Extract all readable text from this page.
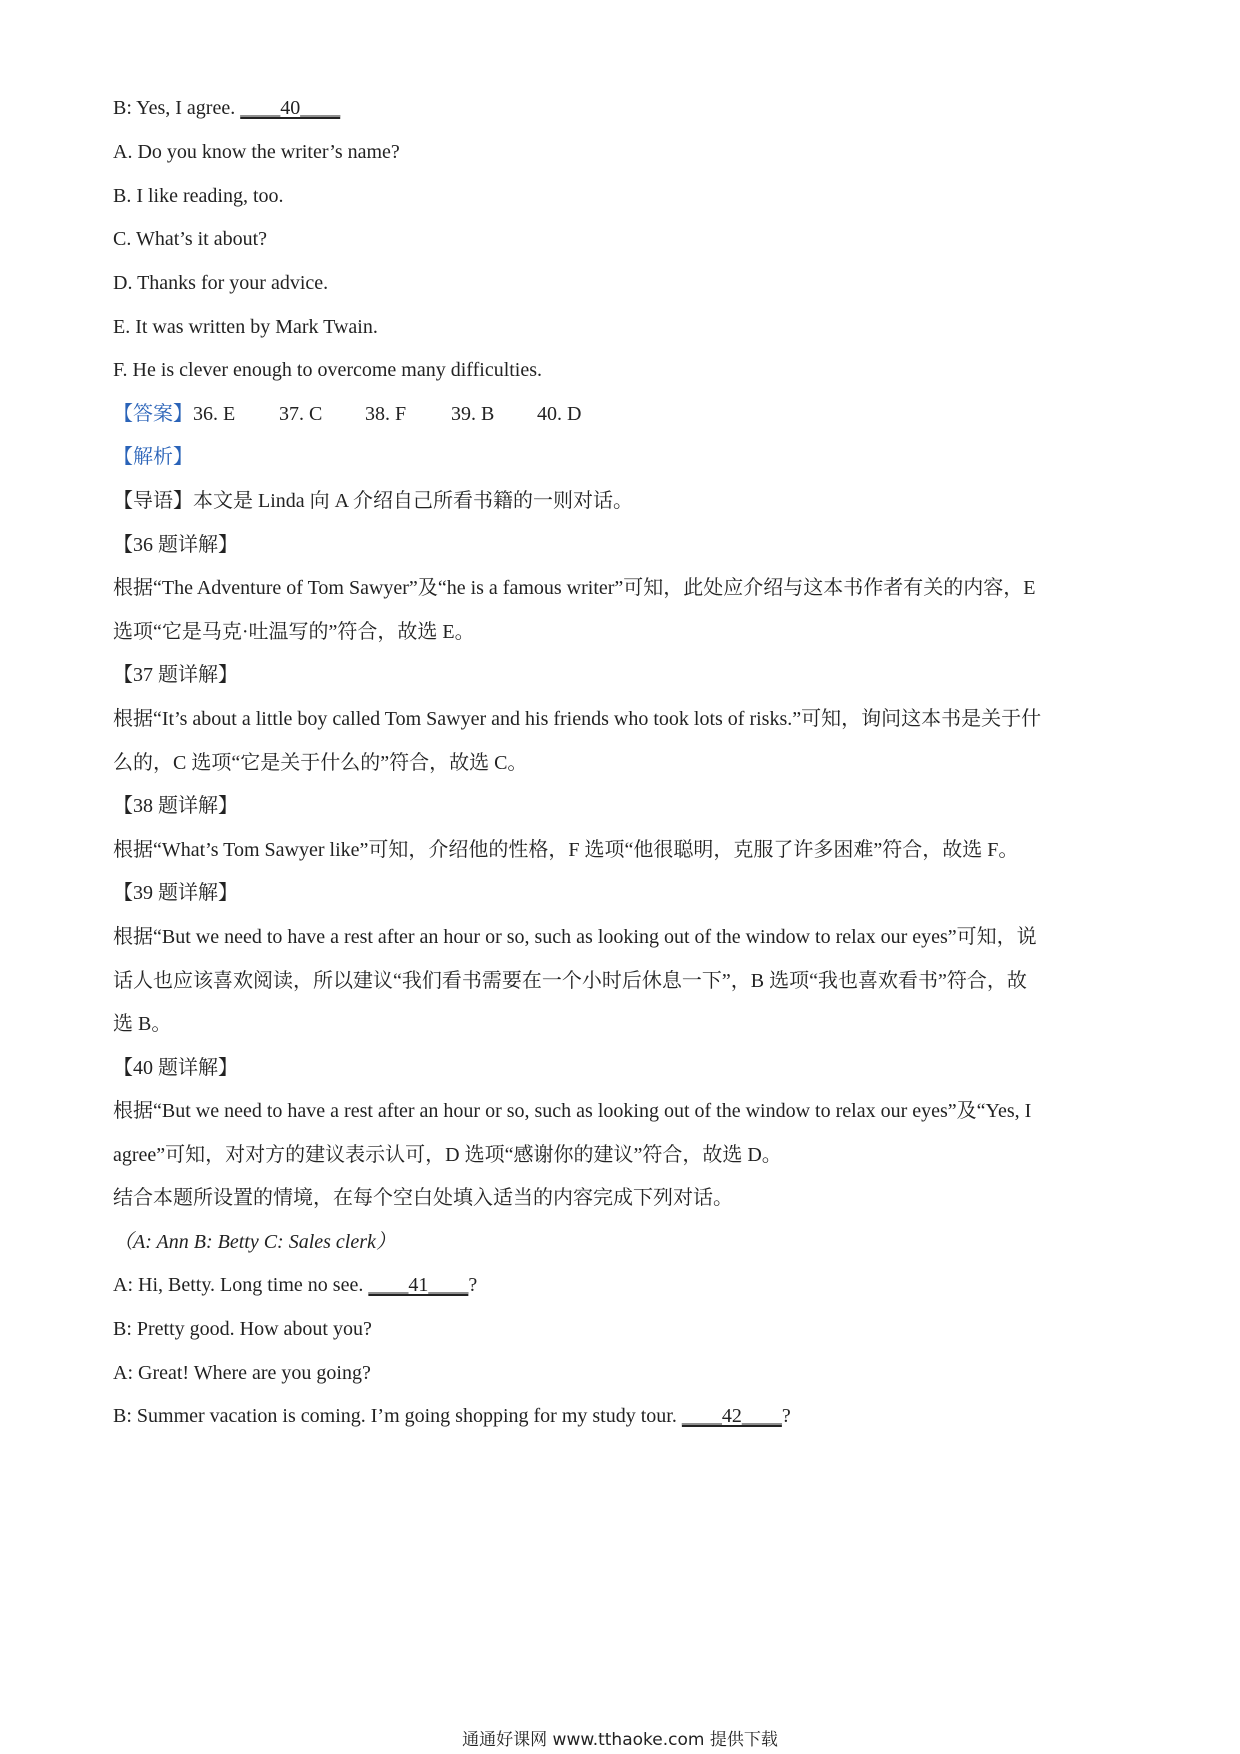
B: Yes, I agree. ____40____
A. Do you know the writer’s name?
B. I like reading, too.
C. What’s it about?
D. Thanks for your advice.
E. It was written by Mark Twain.
F. He is clever enough to overcome many difficulties.
【答案】36. E 37. C 38. F 39. B 40. D
【解析】
【导语】本文是 Linda 向 A 介绍自己所看书籍的一则对话。
【36 题详解】
根据“The Adventure of Tom Sawyer”及“he is a famous writer”可知，此处应介绍与这本书作者有关的内容，E
选项“它是马克·吐温写的”符合，故选 E。
【37 题详解】
根据“It’s about a little boy called Tom Sawyer and his friends who took lots of risks.”可知，询问这本书是关于什
么的，C 选项“它是关于什么的”符合，故选 C。
【38 题详解】
根据“What’s Tom Sawyer like”可知，介绍他的性格，F 选项“他很聪明，克服了许多困难”符合，故选 F。
【39 题详解】
根据“But we need to have a rest after an hour or so, such as looking out of the window to relax our eyes”可知，说
话人也应该喜欢阅读，所以建议“我们看书需要在一个小时后休息一下”，B 选项“我也喜欢看书”符合，故
选 B。
【40 题详解】
根据“But we need to have a rest after an hour or so, such as looking out of the window to relax our eyes”及“Yes, I
agree”可知，对对方的建议表示认可，D 选项“感谢你的建议”符合，故选 D。
结合本题所设置的情境，在每个空白处填入适当的内容完成下列对话。
（A: Ann B: Betty C: Sales clerk）
A: Hi, Betty. Long time no see. ____41____?
B: Pretty good. How about you?
A: Great! Where are you going?
B: Summer vacation is coming. I’m going shopping for my study tour. ____42____?
通通好课网 www.tthaoke.com 提供下载
